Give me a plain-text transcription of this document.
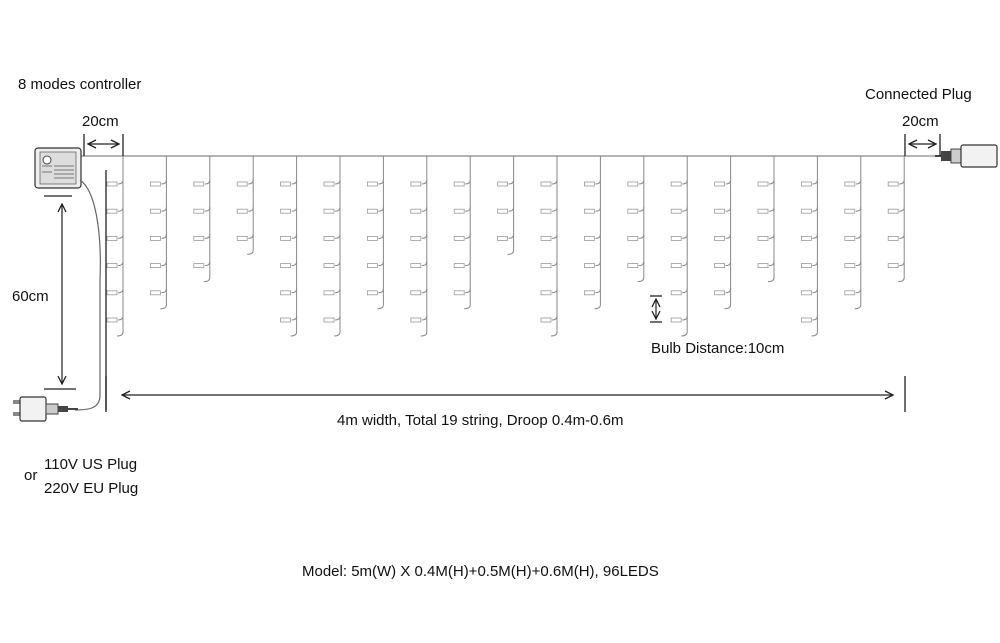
8 modes controller
Connected Plug
20cm	20cm
60cm
Bulb Distance:10cm
4m width, Total 19 string, Droop 0.4m-0.6m
or
110V US Plug
220V EU Plug
Model: 5m(W) X 0.4M(H)+0.5M(H)+0.6M(H), 96LEDS
